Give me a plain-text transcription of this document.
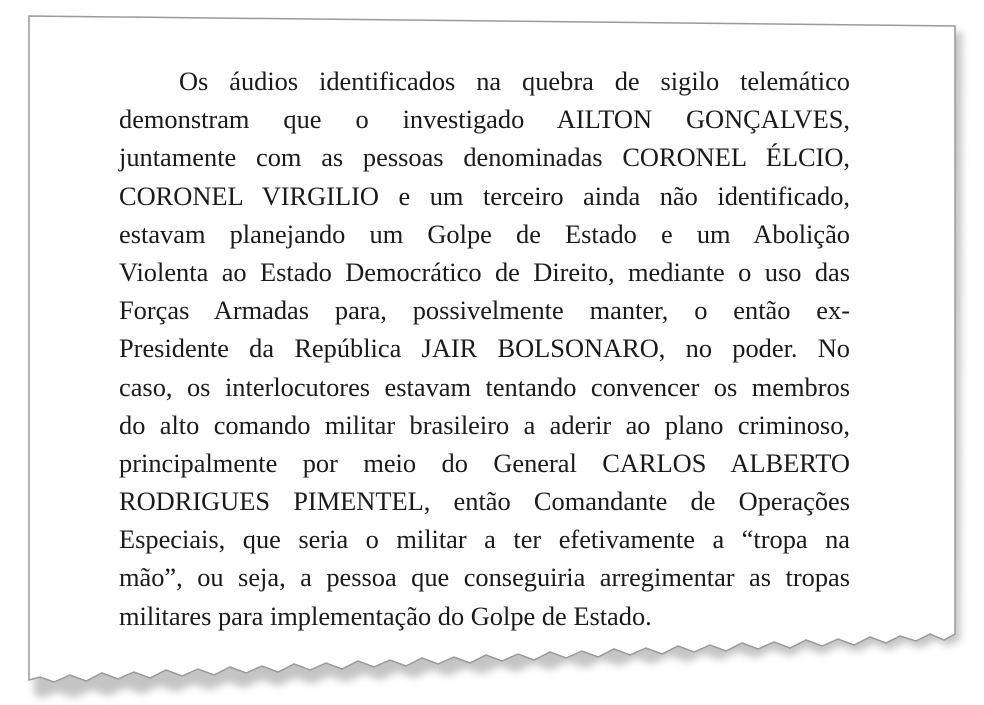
Os áudios identificados na quebra de sigilo telemático
demonstram que o investigado AILTON GONÇALVES,
juntamente com as pessoas denominadas CORONEL ÉLCIO,
CORONEL VIRGILIO e um terceiro ainda não identificado,
estavam planejando um Golpe de Estado e um Abolição
Violenta ao Estado Democrático de Direito, mediante o uso das
Forças Armadas para, possivelmente manter, o então ex-
Presidente da República JAIR BOLSONARO, no poder. No
caso, os interlocutores estavam tentando convencer os membros
do alto comando militar brasileiro a aderir ao plano criminoso,
principalmente por meio do General CARLOS ALBERTO
RODRIGUES PIMENTEL, então Comandante de Operações
Especiais, que seria o militar a ter efetivamente a “tropa na
mão”, ou seja, a pessoa que conseguiria arregimentar as tropas
militares para implementação do Golpe de Estado.
